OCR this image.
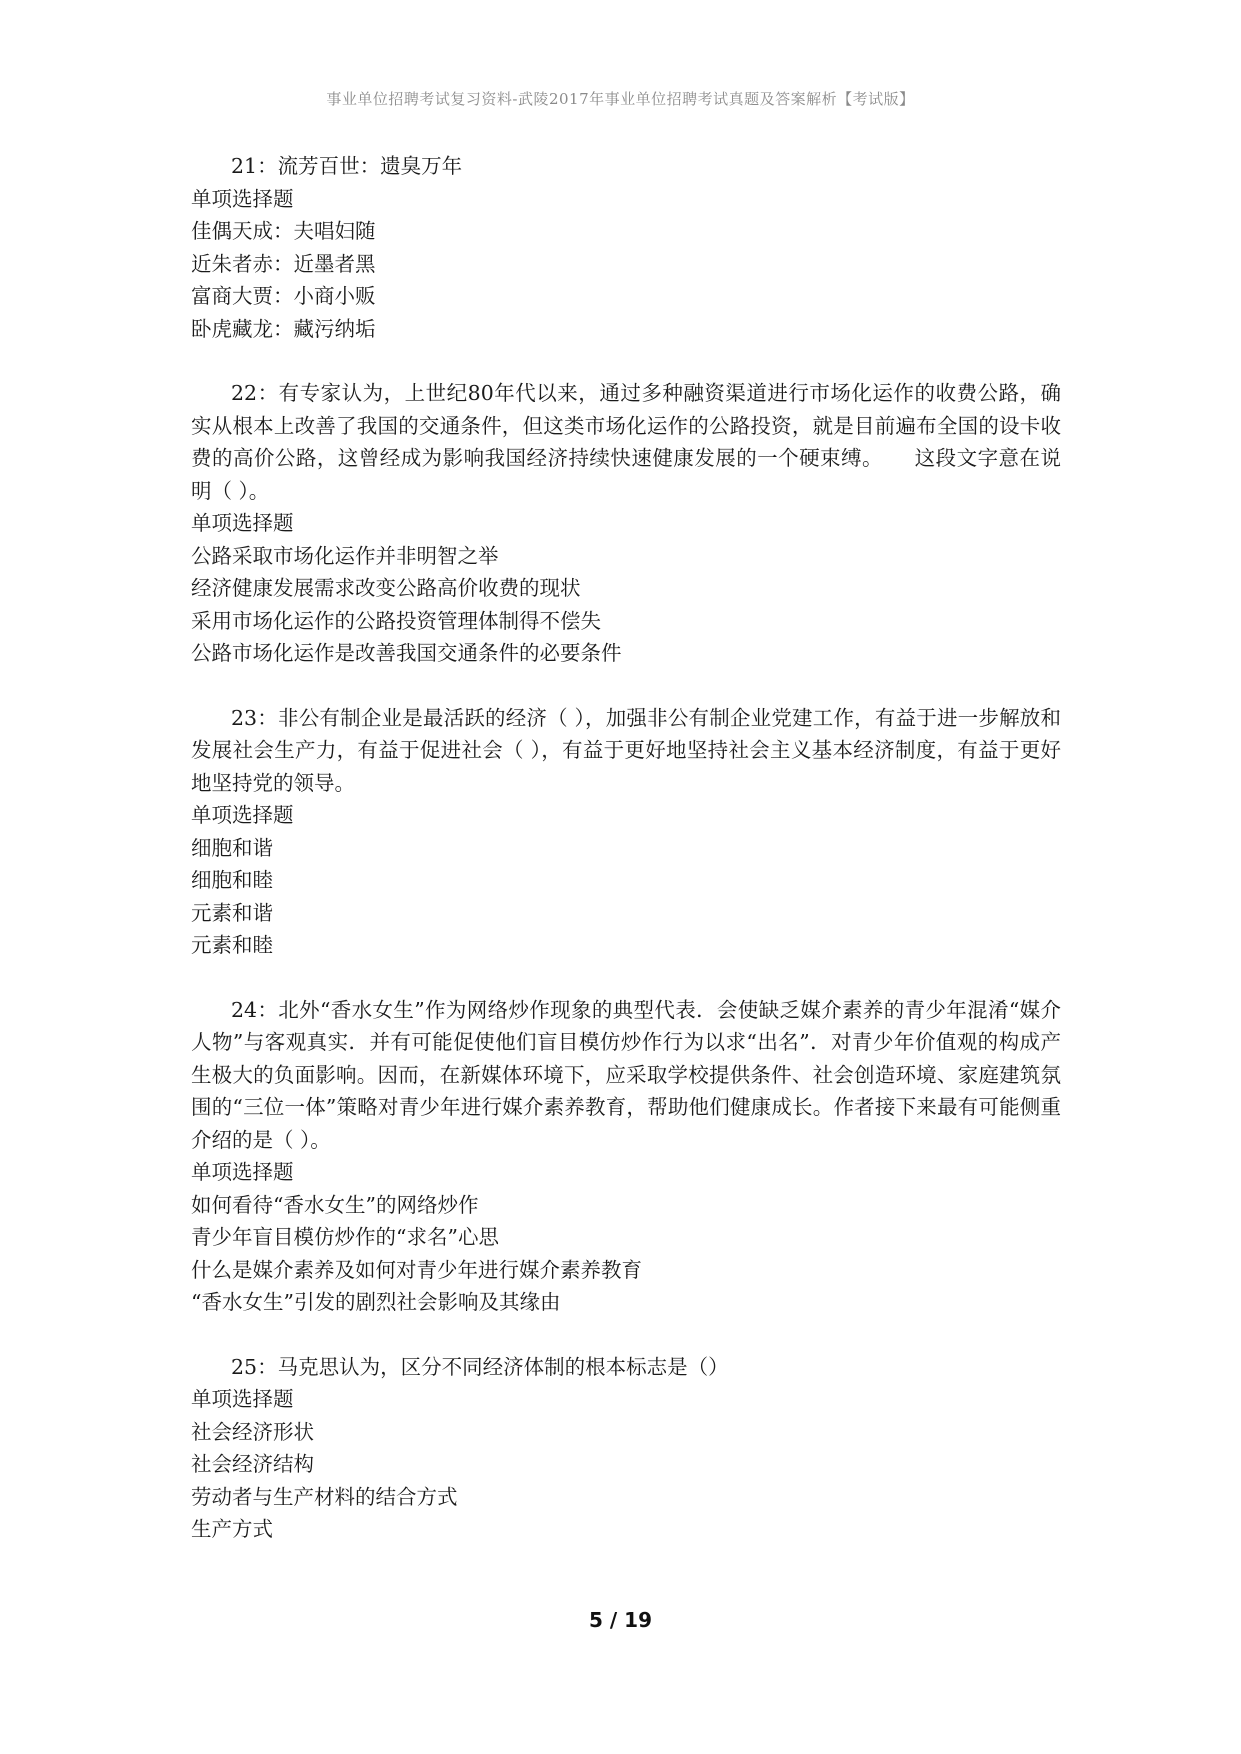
事业单位招聘考试复习资料-武陵2017年事业单位招聘考试真题及答案解析【考试版】
21：流芳百世：遗臭万年
单项选择题
佳偶天成：夫唱妇随
近朱者赤：近墨者黑
富商大贾：小商小贩
卧虎藏龙：藏污纳垢
22：有专家认为，上世纪80年代以来，通过多种融资渠道进行市场化运作的收费公路，确实从根本上改善了我国的交通条件，但这类市场化运作的公路投资，就是目前遍布全国的设卡收费的高价公路，这曾经成为影响我国经济持续快速健康发展的一个硬束缚。　　这段文字意在说明（ ）。
单项选择题
公路采取市场化运作并非明智之举
经济健康发展需求改变公路高价收费的现状
采用市场化运作的公路投资管理体制得不偿失
公路市场化运作是改善我国交通条件的必要条件
23：非公有制企业是最活跃的经济（ ），加强非公有制企业党建工作，有益于进一步解放和发展社会生产力，有益于促进社会（ ），有益于更好地坚持社会主义基本经济制度，有益于更好地坚持党的领导。
单项选择题
细胞和谐
细胞和睦
元素和谐
元素和睦
24：北外“香水女生”作为网络炒作现象的典型代表．会使缺乏媒介素养的青少年混淆“媒介人物”与客观真实．并有可能促使他们盲目模仿炒作行为以求“出名”．对青少年价值观的构成产生极大的负面影响。因而，在新媒体环境下，应采取学校提供条件、社会创造环境、家庭建筑氛围的“三位一体”策略对青少年进行媒介素养教育，帮助他们健康成长。作者接下来最有可能侧重介绍的是（ ）。
单项选择题
如何看待“香水女生”的网络炒作
青少年盲目模仿炒作的“求名”心思
什么是媒介素养及如何对青少年进行媒介素养教育
“香水女生”引发的剧烈社会影响及其缘由
25：马克思认为，区分不同经济体制的根本标志是（）
单项选择题
社会经济形状
社会经济结构
劳动者与生产材料的结合方式
生产方式
5 / 19
